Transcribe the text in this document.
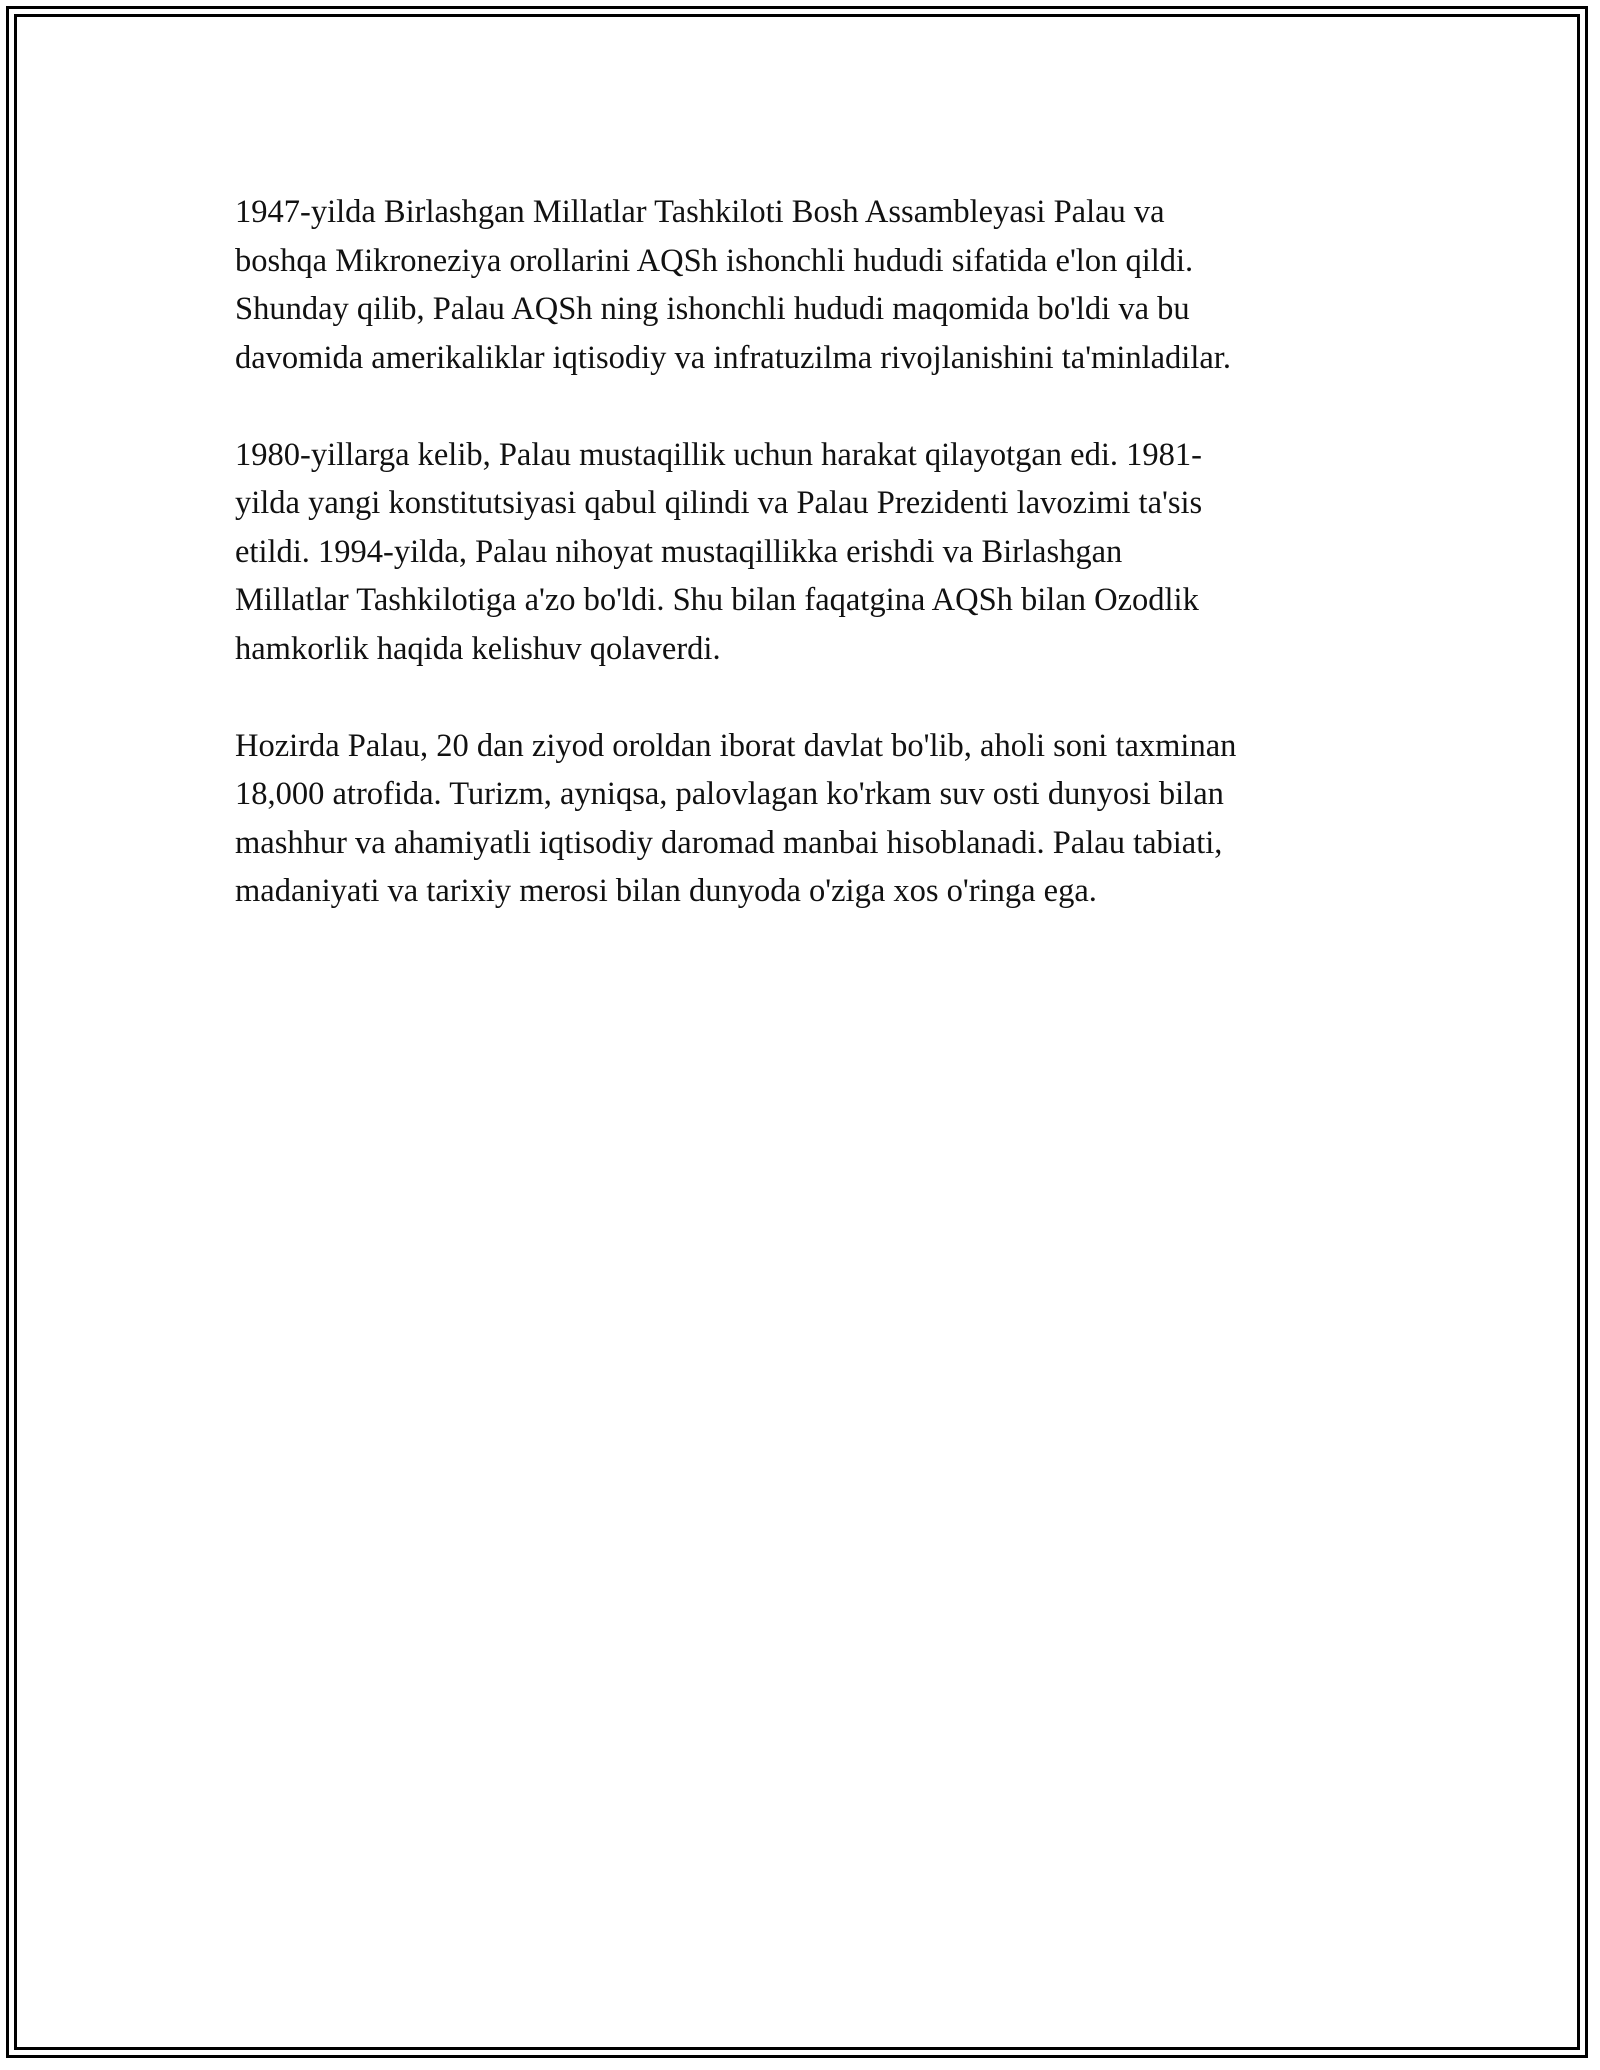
1947-yilda Birlashgan Millatlar Tashkiloti Bosh Assambleyasi Palau va
boshqa Mikroneziya orollarini AQSh ishonchli hududi sifatida e'lon qildi.
Shunday qilib, Palau AQSh ning ishonchli hududi maqomida bo'ldi va bu
davomida amerikaliklar iqtisodiy va infratuzilma rivojlanishini ta'minladilar.

1980-yillarga kelib, Palau mustaqillik uchun harakat qilayotgan edi. 1981-
yilda yangi konstitutsiyasi qabul qilindi va Palau Prezidenti lavozimi ta'sis
etildi. 1994-yilda, Palau nihoyat mustaqillikka erishdi va Birlashgan
Millatlar Tashkilotiga a'zo bo'ldi. Shu bilan faqatgina AQSh bilan Ozodlik
hamkorlik haqida kelishuv qolaverdi.

Hozirda Palau, 20 dan ziyod oroldan iborat davlat bo'lib, aholi soni taxminan
18,000 atrofida. Turizm, ayniqsa, palovlagan ko'rkam suv osti dunyosi bilan
mashhur va ahamiyatli iqtisodiy daromad manbai hisoblanadi. Palau tabiati,
madaniyati va tarixiy merosi bilan dunyoda o'ziga xos o'ringa ega.
